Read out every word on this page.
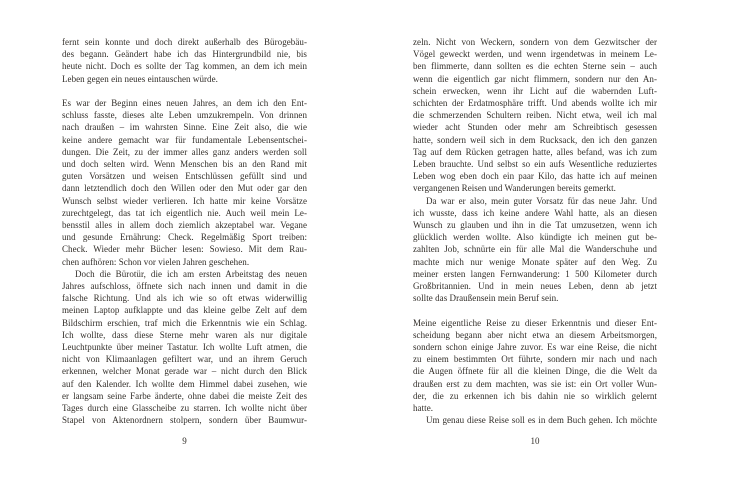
fernt sein konnte und doch direkt außerhalb des Bürogebäu-
des begann. Geändert habe ich das Hintergrundbild nie, bis
heute nicht. Doch es sollte der Tag kommen, an dem ich mein
Leben gegen ein neues eintauschen würde.
Es war der Beginn eines neuen Jahres, an dem ich den Ent-
schluss fasste, dieses alte Leben umzukrempeln. Von drinnen
nach draußen – im wahrsten Sinne. Eine Zeit also, die wie
keine andere gemacht war für fundamentale Lebensentschei-
dungen. Die Zeit, zu der immer alles ganz anders werden soll
und doch selten wird. Wenn Menschen bis an den Rand mit
guten Vorsätzen und weisen Entschlüssen gefüllt sind und
dann letztendlich doch den Willen oder den Mut oder gar den
Wunsch selbst wieder verlieren. Ich hatte mir keine Vorsätze
zurechtgelegt, das tat ich eigentlich nie. Auch weil mein Le-
bensstil alles in allem doch ziemlich akzeptabel war. Vegane
und gesunde Ernährung: Check. Regelmäßig Sport treiben:
Check. Wieder mehr Bücher lesen: Sowieso. Mit dem Rau-
chen aufhören: Schon vor vielen Jahren geschehen.
Doch die Bürotür, die ich am ersten Arbeitstag des neuen
Jahres aufschloss, öffnete sich nach innen und damit in die
falsche Richtung. Und als ich wie so oft etwas widerwillig
meinen Laptop aufklappte und das kleine gelbe Zelt auf dem
Bildschirm erschien, traf mich die Erkenntnis wie ein Schlag.
Ich wollte, dass diese Sterne mehr waren als nur digitale
Leuchtpunkte über meiner Tastatur. Ich wollte Luft atmen, die
nicht von Klimaanlagen gefiltert war, und an ihrem Geruch
erkennen, welcher Monat gerade war – nicht durch den Blick
auf den Kalender. Ich wollte dem Himmel dabei zusehen, wie
er langsam seine Farbe änderte, ohne dabei die meiste Zeit des
Tages durch eine Glasscheibe zu starren. Ich wollte nicht über
Stapel von Aktenordnern stolpern, sondern über Baumwur-
9
zeln. Nicht von Weckern, sondern von dem Gezwitscher der
Vögel geweckt werden, und wenn irgendetwas in meinem Le-
ben flimmerte, dann sollten es die echten Sterne sein – auch
wenn die eigentlich gar nicht flimmern, sondern nur den An-
schein erwecken, wenn ihr Licht auf die wabernden Luft-
schichten der Erdatmosphäre trifft. Und abends wollte ich mir
die schmerzenden Schultern reiben. Nicht etwa, weil ich mal
wieder acht Stunden oder mehr am Schreibtisch gesessen
hatte, sondern weil sich in dem Rucksack, den ich den ganzen
Tag auf dem Rücken getragen hatte, alles befand, was ich zum
Leben brauchte. Und selbst so ein aufs Wesentliche reduziertes
Leben wog eben doch ein paar Kilo, das hatte ich auf meinen
vergangenen Reisen und Wanderungen bereits gemerkt.
Da war er also, mein guter Vorsatz für das neue Jahr. Und
ich wusste, dass ich keine andere Wahl hatte, als an diesen
Wunsch zu glauben und ihn in die Tat umzusetzen, wenn ich
glücklich werden wollte. Also kündigte ich meinen gut be-
zahlten Job, schnürte ein für alle Mal die Wanderschuhe und
machte mich nur wenige Monate später auf den Weg. Zu
meiner ersten langen Fernwanderung: 1 500 Kilometer durch
Großbritannien. Und in mein neues Leben, denn ab jetzt
sollte das Draußensein mein Beruf sein.
Meine eigentliche Reise zu dieser Erkenntnis und dieser Ent-
scheidung begann aber nicht etwa an diesem Arbeitsmorgen,
sondern schon einige Jahre zuvor. Es war eine Reise, die nicht
zu einem bestimmten Ort führte, sondern mir nach und nach
die Augen öffnete für all die kleinen Dinge, die die Welt da
draußen erst zu dem machten, was sie ist: ein Ort voller Wun-
der, die zu erkennen ich bis dahin nie so wirklich gelernt
hatte.
Um genau diese Reise soll es in dem Buch gehen. Ich möchte
10
